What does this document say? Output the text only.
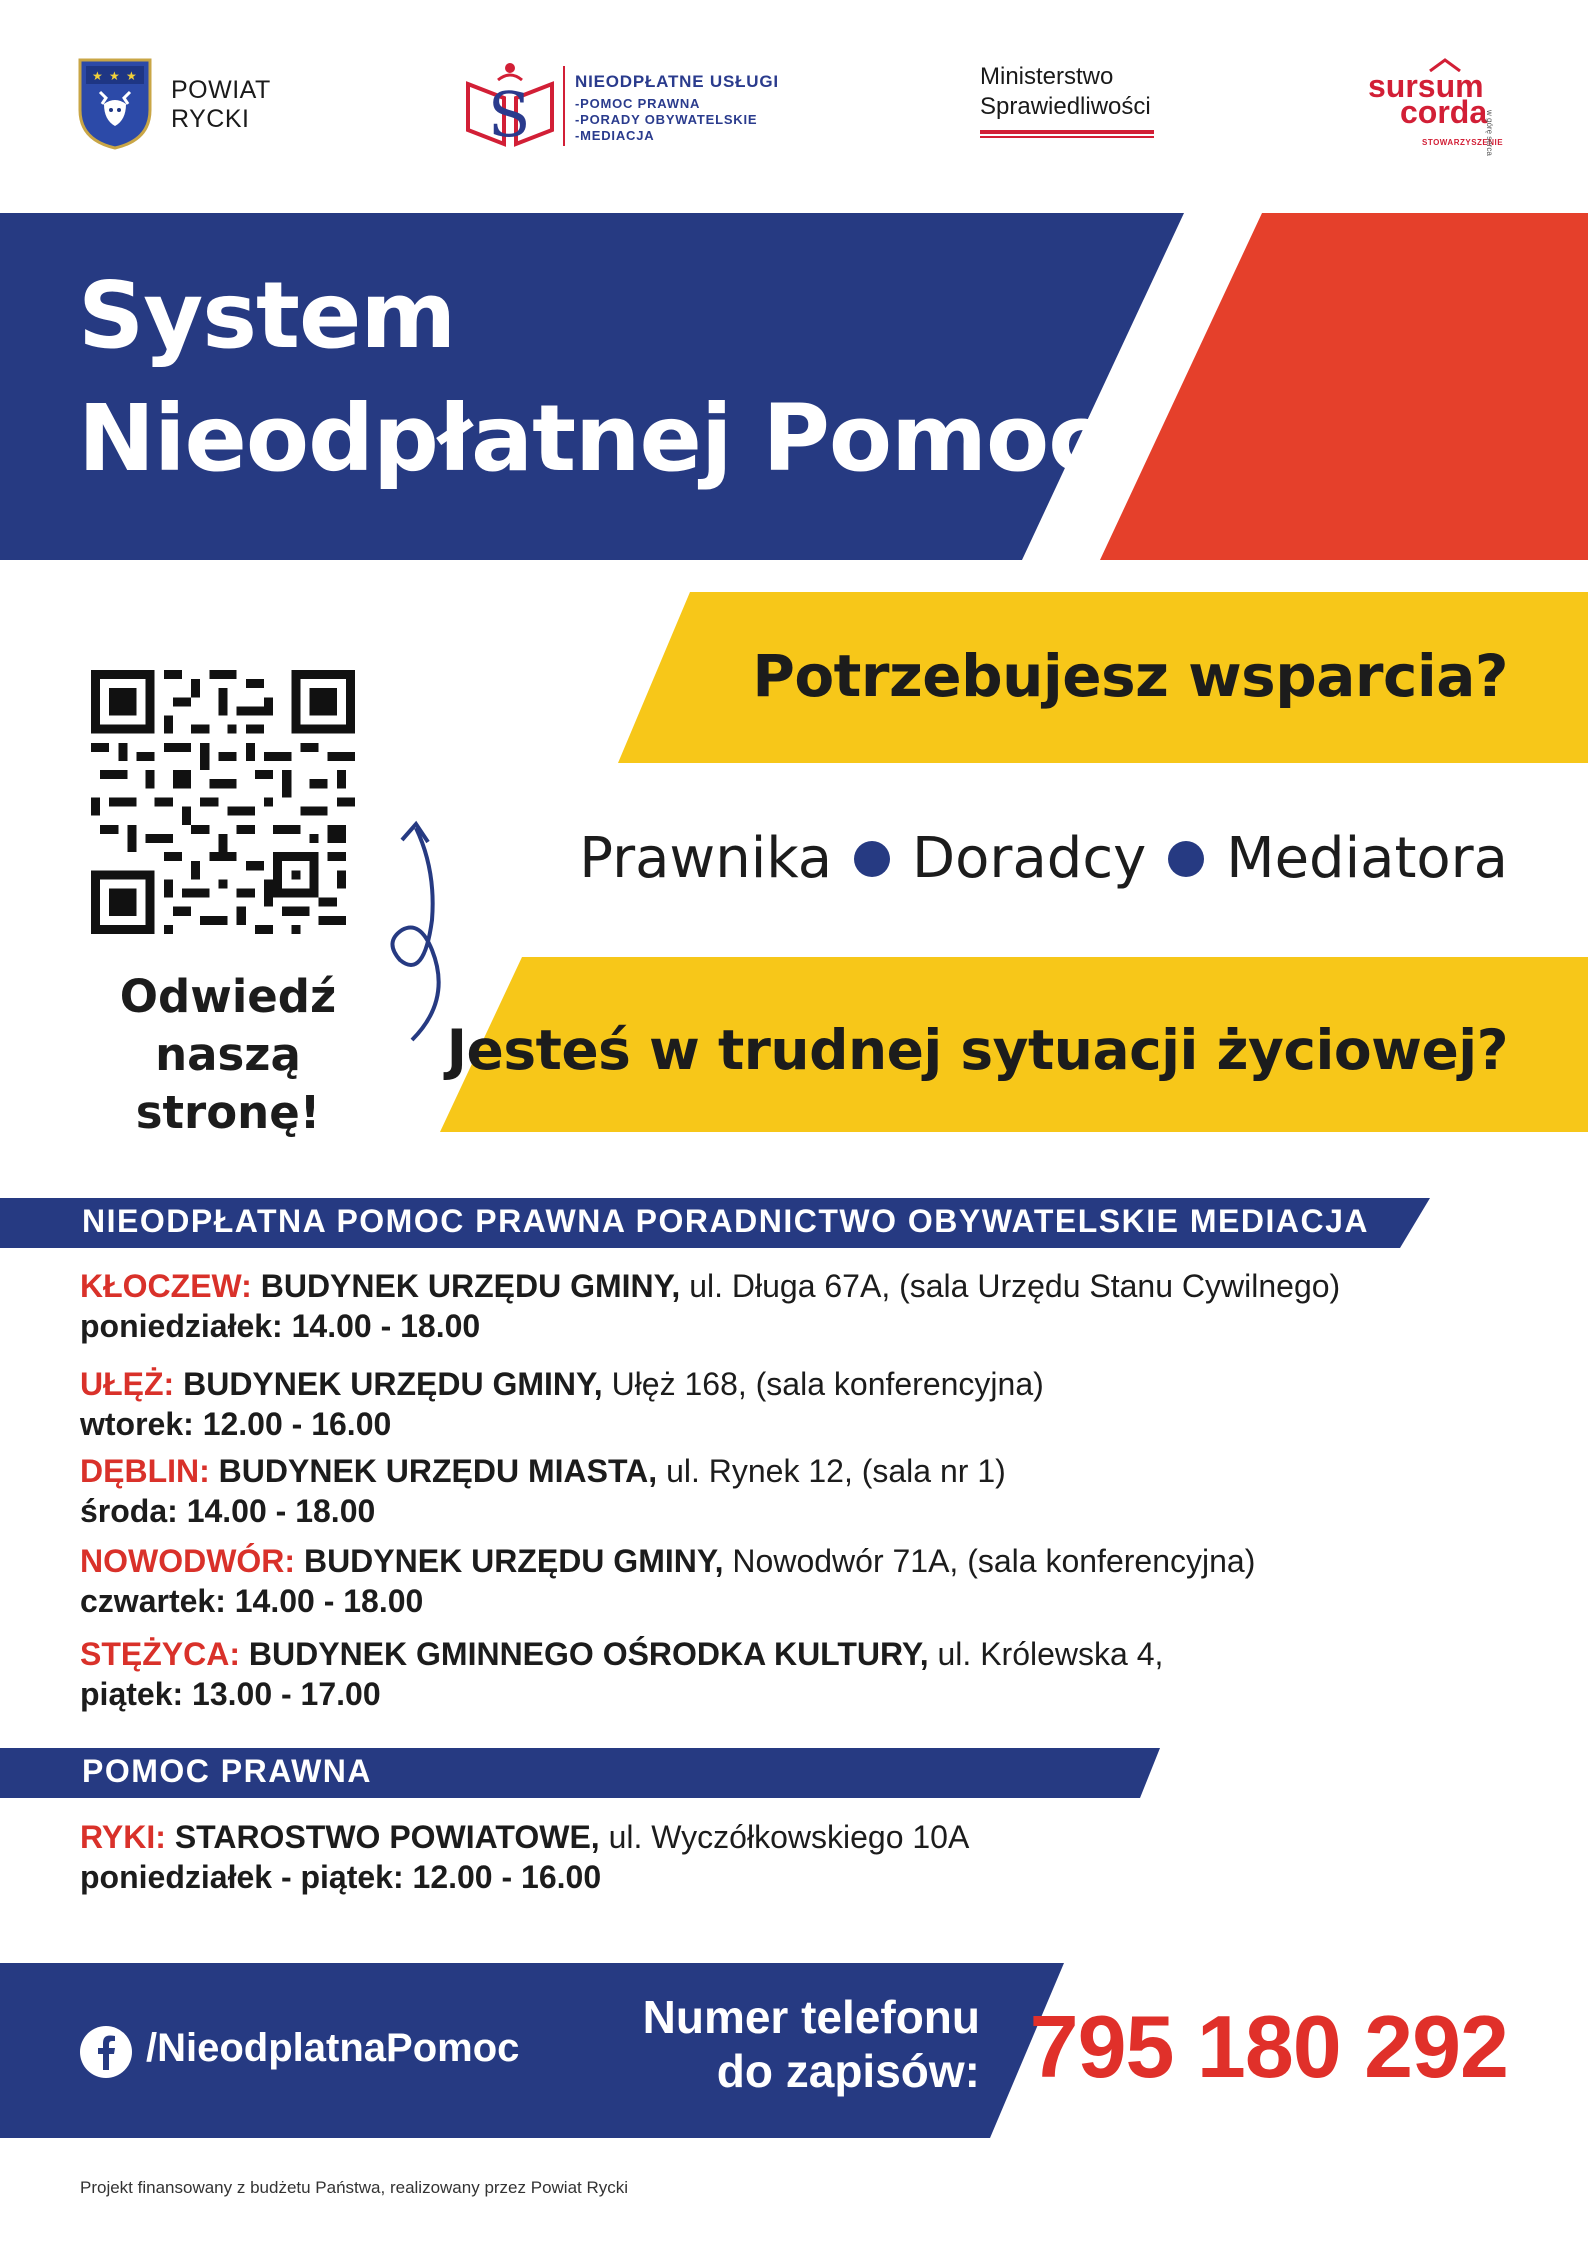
★ ★ ★ POWIAT
RYCKI	S	NIEODPŁATNE USŁUGI
-POMOC PRAWNA
-PORADY OBYWATELSKIE
-MEDIACJA
Ministerstwo
Sprawiedliwości
sursum
corda
STOWARZYSZENIE
w górę serca
System
Nieodpłatnej Pomocy
Potrzebujesz wsparcia?
Prawnika Doradcy Mediatora
Jesteś w trudnej sytuacji życiowej?
Odwiedź
naszą stronę!
NIEODPŁATNA POMOC PRAWNA PORADNICTWO OBYWATELSKIE MEDIACJA
KŁOCZEW: BUDYNEK URZĘDU GMINY, ul. Długa 67A, (sala Urzędu Stanu Cywilnego)
poniedziałek: 14.00 - 18.00
UŁĘŻ: BUDYNEK URZĘDU GMINY, Ułęż 168, (sala konferencyjna)
wtorek: 12.00 - 16.00
DĘBLIN: BUDYNEK URZĘDU MIASTA, ul. Rynek 12, (sala nr 1)
środa: 14.00 - 18.00
NOWODWÓR: BUDYNEK URZĘDU GMINY, Nowodwór 71A, (sala konferencyjna)
czwartek: 14.00 - 18.00
STĘŻYCA: BUDYNEK GMINNEGO OŚRODKA KULTURY, ul. Królewska 4,
piątek: 13.00 - 17.00
POMOC PRAWNA
RYKI: STAROSTWO POWIATOWE, ul. Wyczółkowskiego 10A
poniedziałek - piątek: 12.00 - 16.00
/NieodplatnaPomoc
Numer telefonu
do zapisów: 795 180 292
Projekt finansowany z budżetu Państwa, realizowany przez Powiat Rycki
